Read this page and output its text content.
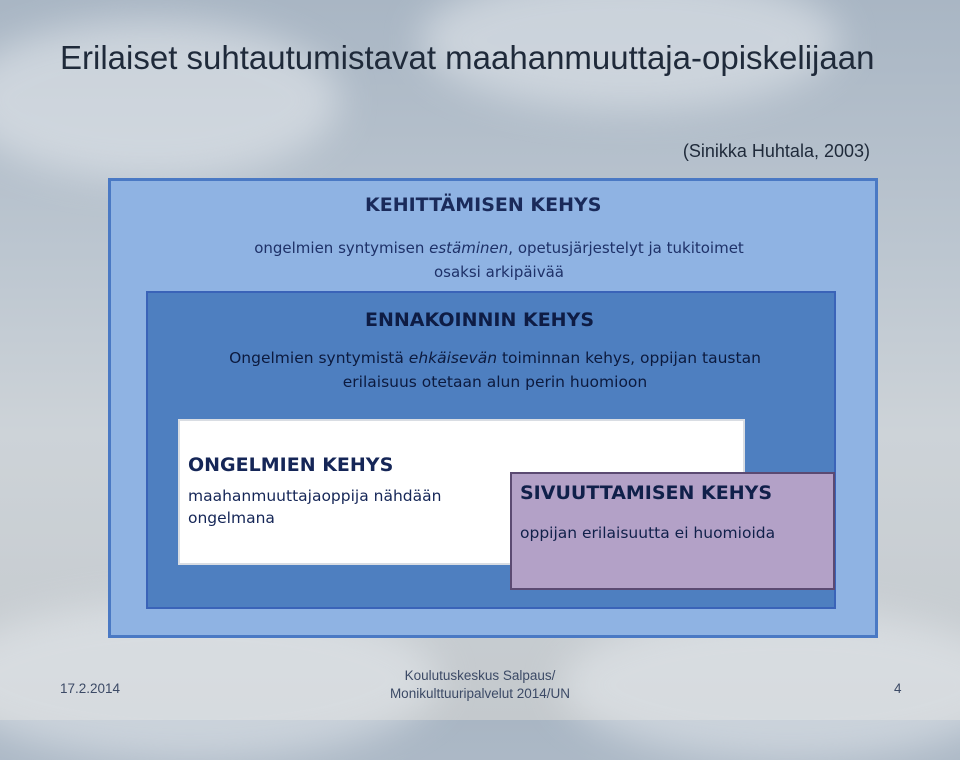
Erilaiset suhtautumistavat maahanmuuttaja-opiskelijaan
(Sinikka Huhtala, 2003)
KEHITTÄMISEN KEHYS
ongelmien syntymisen estäminen, opetusjärjestelyt ja tukitoimet osaksi arkipäivää
ENNAKOINNIN KEHYS
Ongelmien syntymistä ehkäisevän toiminnan kehys, oppijan taustan erilaisuus otetaan alun perin huomioon
ONGELMIEN KEHYS
maahanmuuttajaoppija nähdään ongelmana
SIVUUTTAMISEN KEHYS
oppijan erilaisuutta ei huomioida
17.2.2014
Koulutuskeskus Salpaus/
Monikulttuuripalvelut 2014/UN	4
